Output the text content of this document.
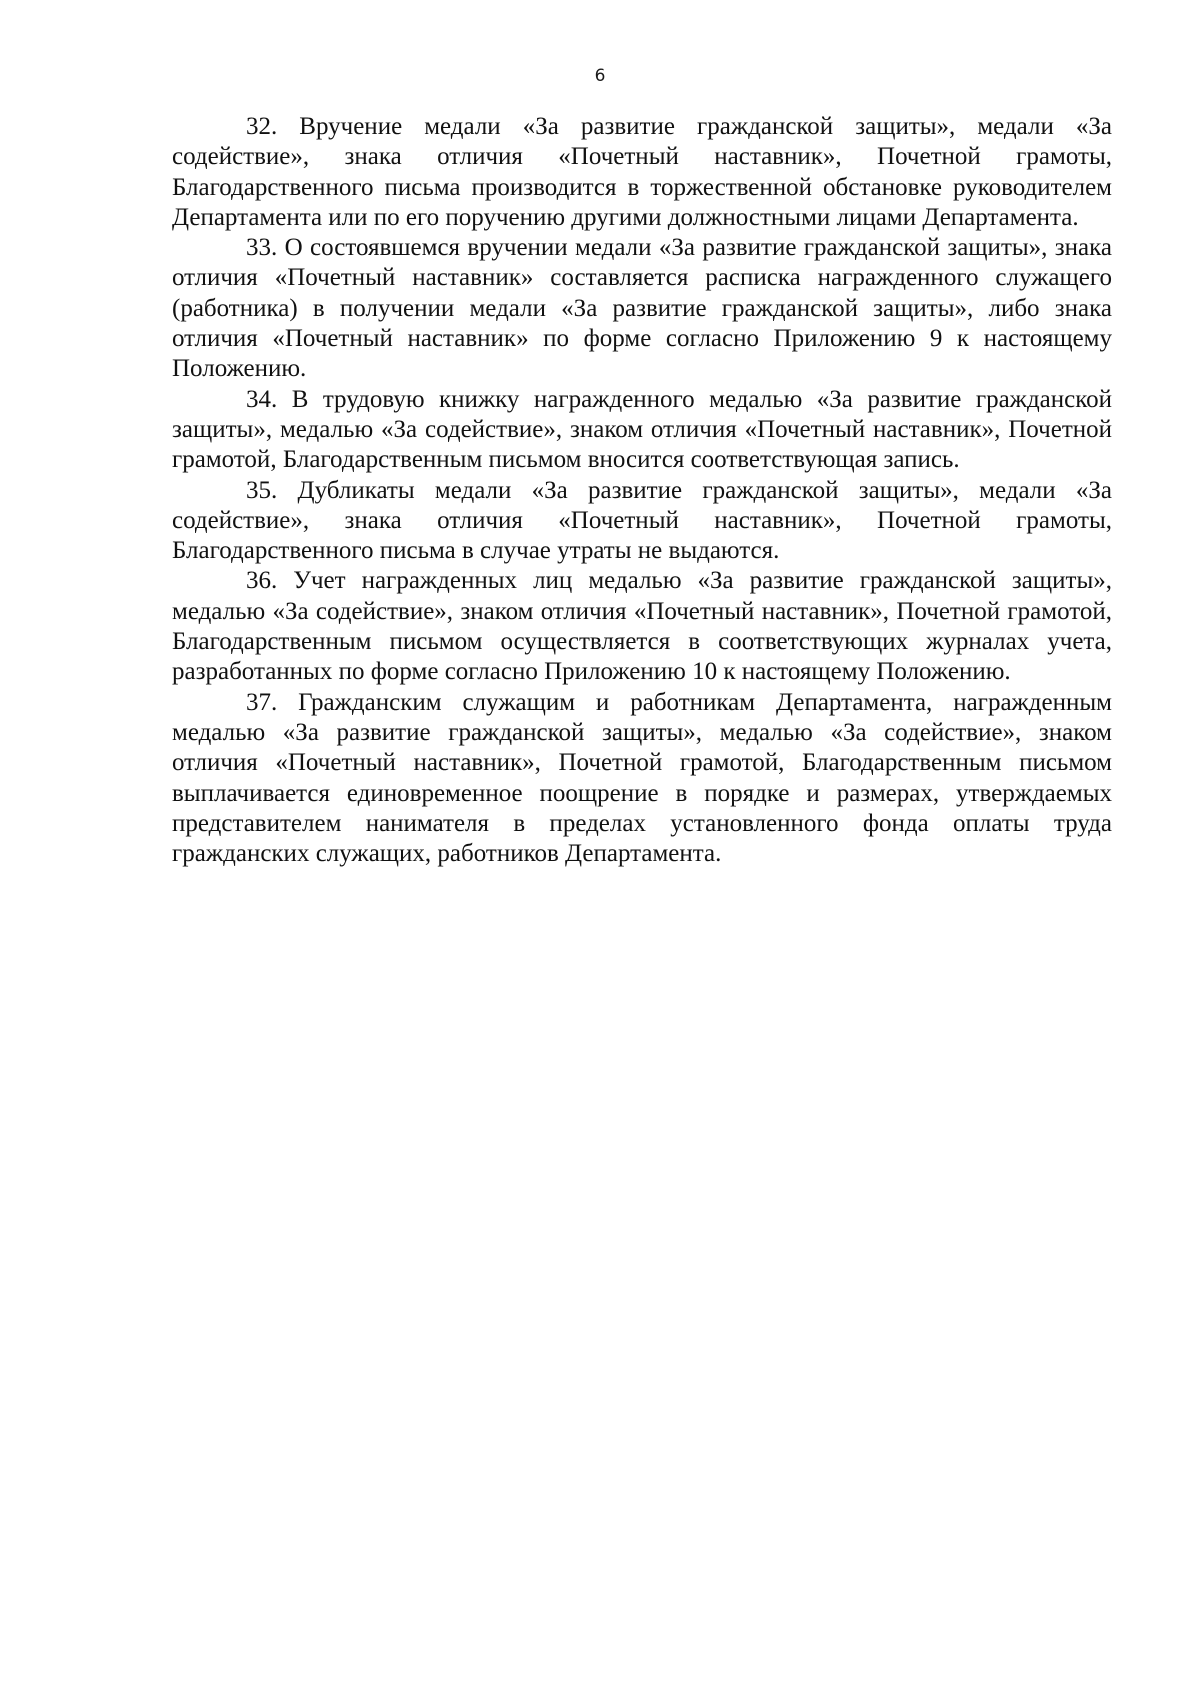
6

32. Вручение медали «За развитие гражданской защиты», медали «За содействие», знака отличия «Почетный наставник», Почетной грамоты, Благодарственного письма производится в торжественной обстановке руководителем Департамента или по его поручению другими должностными лицами Департамента.

33. О состоявшемся вручении медали «За развитие гражданской защиты», знака отличия «Почетный наставник» составляется расписка награжденного служащего (работника) в получении медали «За развитие гражданской защиты», либо знака отличия «Почетный наставник» по форме согласно Приложению 9 к настоящему Положению.

34. В трудовую книжку награжденного медалью «За развитие гражданской защиты», медалью «За содействие», знаком отличия «Почетный наставник», Почетной грамотой, Благодарственным письмом вносится соответствующая запись.

35. Дубликаты медали «За развитие гражданской защиты», медали «За содействие», знака отличия «Почетный наставник», Почетной грамоты, Благодарственного письма в случае утраты не выдаются.

36. Учет награжденных лиц медалью «За развитие гражданской защиты», медалью «За содействие», знаком отличия «Почетный наставник», Почетной грамотой, Благодарственным письмом осуществляется в соответствующих журналах учета, разработанных по форме согласно Приложению 10 к настоящему Положению.

37. Гражданским служащим и работникам Департамента, награжденным медалью «За развитие гражданской защиты», медалью «За содействие», знаком отличия «Почетный наставник», Почетной грамотой, Благодарственным письмом выплачивается единовременное поощрение в порядке и размерах, утверждаемых представителем нанимателя в пределах установленного фонда оплаты труда гражданских служащих, работников Департамента.
